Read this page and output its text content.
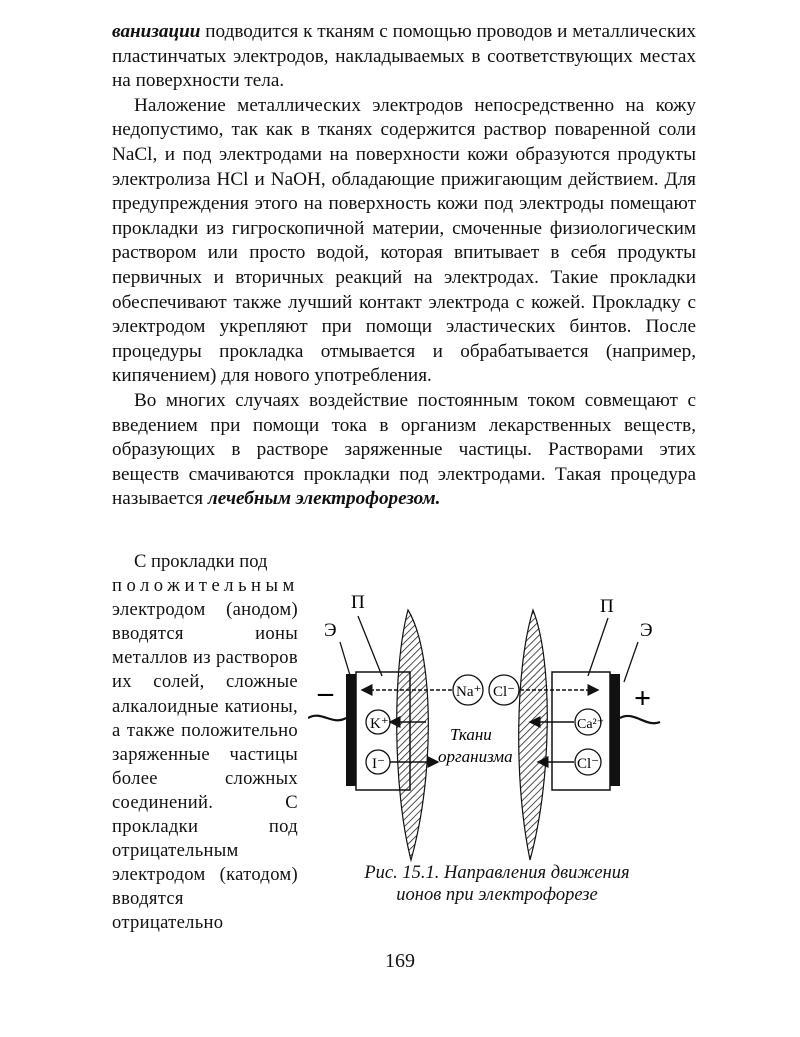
ванизации подводится к тканям с помощью проводов и металлических пластинчатых электродов, накладываемых в соответствующих местах на поверхности тела.

Наложение металлических электродов непосредственно на кожу недопустимо, так как в тканях содержится раствор поваренной соли NaCl, и под электродами на поверхности кожи образуются продукты электролиза HCl и NaOH, обладающие прижигающим действием. Для предупреждения этого на поверхность кожи под электроды помещают прокладки из гигроскопичной материи, смоченные физиологическим раствором или просто водой, которая впитывает в себя продукты первичных и вторичных реакций на электродах. Такие прокладки обеспечивают также лучший контакт электрода с кожей. Прокладку с электродом укрепляют при помощи эластических бинтов. После процедуры прокладка отмывается и обрабатывается (например, кипячением) для нового употребления.

Во многих случаях воздействие постоянным током совмещают с введением при помощи тока в организм лекарственных веществ, образующих в растворе заряженные частицы. Растворами этих веществ смачиваются прокладки под электродами. Такая процедура называется лечебным электрофорезом.

С прокладки под

положительным

электродом (анодом) вводятся ионы металлов из растворов их солей, сложные алкалоидные катионы, а также положительно заряженные частицы более сложных соединений. С прокладки под отрицательным электродом (катодом) вводятся отрицательно

П
Э
П
Э
–	+
Na⁺
K⁺
I⁻
Cl⁻
Ca²⁺
Cl⁻
Ткани
организма
Рис. 15.1. Направления движения
ионов при электрофорезе
169
